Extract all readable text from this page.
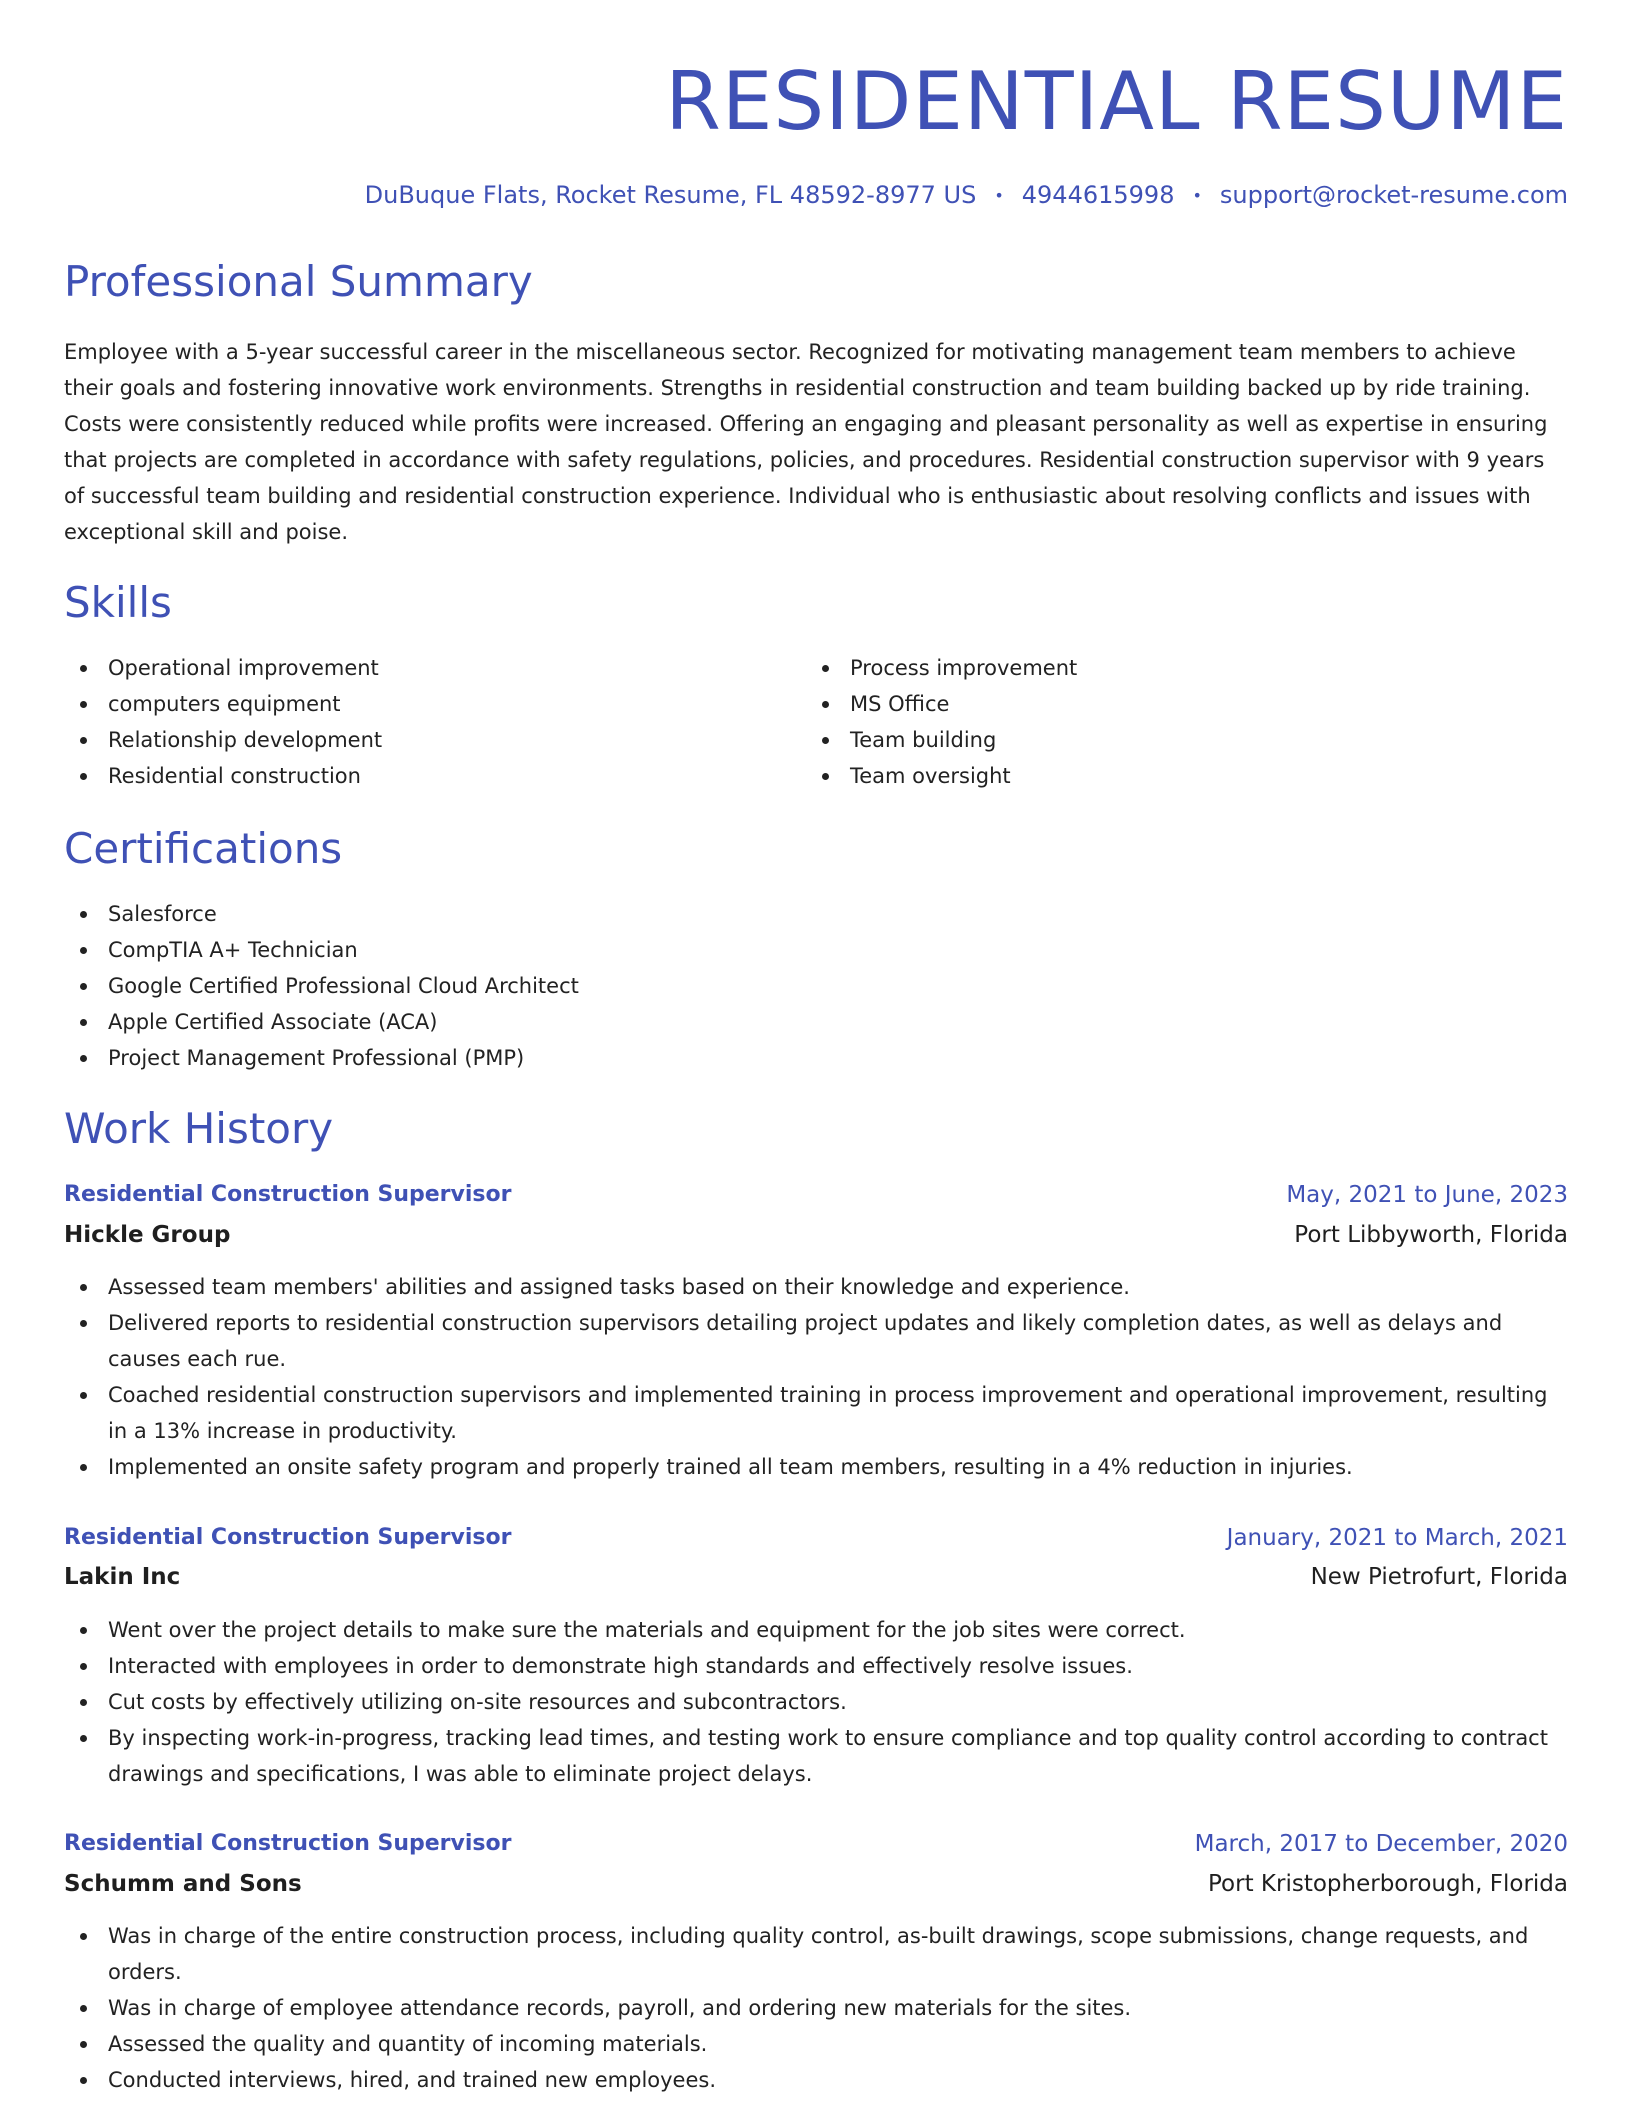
RESIDENTIAL RESUME
DuBuque Flats, Rocket Resume, FL 48592-8977 US • 4944615998 • support@rocket-resume.com
Professional Summary

Employee with a 5-year successful career in the miscellaneous sector. Recognized for motivating management team members to achieve their goals and fostering innovative work environments. Strengths in residential construction and team building backed up by ride training. Costs were consistently reduced while profits were increased. Offering an engaging and pleasant personality as well as expertise in ensuring that projects are completed in accordance with safety regulations, policies, and procedures. Residential construction supervisor with 9 years of successful team building and residential construction experience. Individual who is enthusiastic about resolving conflicts and issues with exceptional skill and poise.

Skills
Operational improvement
computers equipment
Relationship development
Residential construction
Process improvement
MS Office
Team building
Team oversight
Certifications
Salesforce
CompTIA A+ Technician
Google Certified Professional Cloud Architect
Apple Certified Associate (ACA)
Project Management Professional (PMP)
Work History
Residential Construction Supervisor	May, 2021 to June, 2023
Hickle Group	Port Libbyworth, Florida
Assessed team members' abilities and assigned tasks based on their knowledge and experience.
Delivered reports to residential construction supervisors detailing project updates and likely completion dates, as well as delays and causes each rue.
Coached residential construction supervisors and implemented training in process improvement and operational improvement, resulting in a 13% increase in productivity.
Implemented an onsite safety program and properly trained all team members, resulting in a 4% reduction in injuries.
Residential Construction Supervisor	January, 2021 to March, 2021
Lakin Inc	New Pietrofurt, Florida
Went over the project details to make sure the materials and equipment for the job sites were correct.
Interacted with employees in order to demonstrate high standards and effectively resolve issues.
Cut costs by effectively utilizing on-site resources and subcontractors.
By inspecting work-in-progress, tracking lead times, and testing work to ensure compliance and top quality control according to contract drawings and specifications, I was able to eliminate project delays.
Residential Construction Supervisor	March, 2017 to December, 2020
Schumm and Sons	Port Kristopherborough, Florida
Was in charge of the entire construction process, including quality control, as-built drawings, scope submissions, change requests, and orders.
Was in charge of employee attendance records, payroll, and ordering new materials for the sites.
Assessed the quality and quantity of incoming materials.
Conducted interviews, hired, and trained new employees.
